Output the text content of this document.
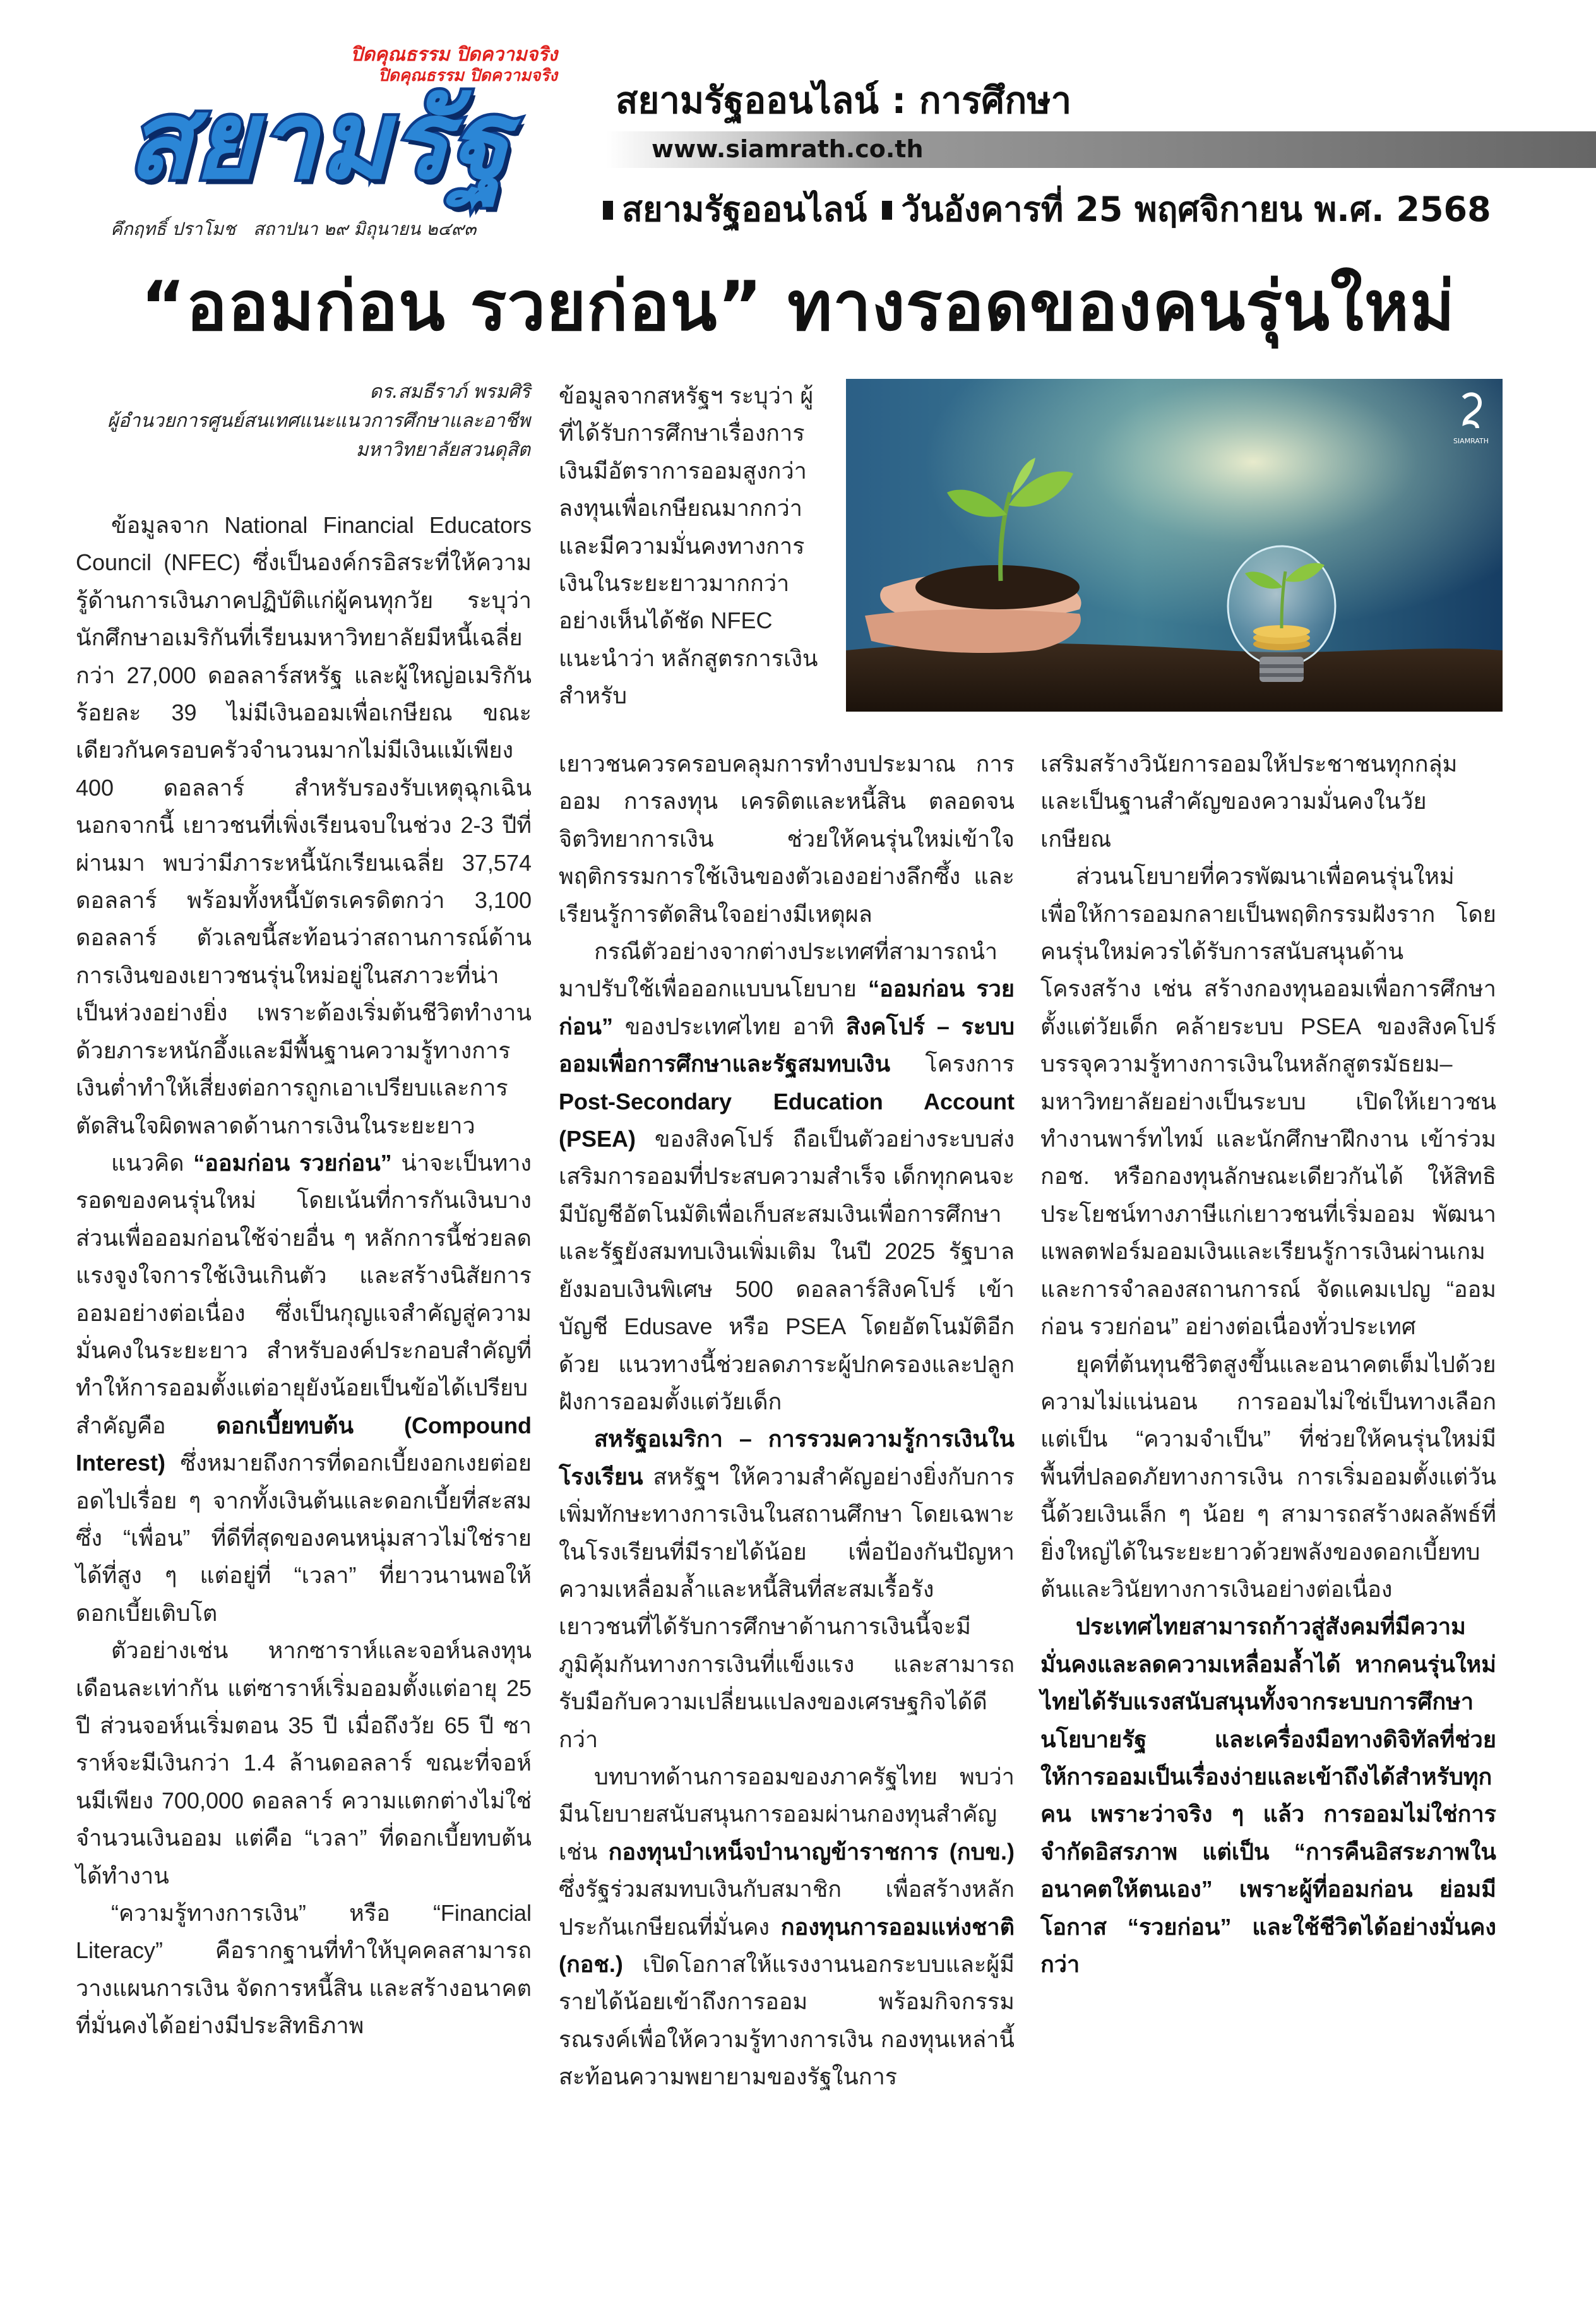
ปิดคุณธรรม ปิดความจริง
ปิดคุณธรรม ปิดความจริง
สยามรัฐ
คึกฤทธิ์ ปราโมช สถาปนา ๒๙ มิถุนายน ๒๔๙๓
สยามรัฐออนไลน์ : การศึกษา
www.siamrath.co.th
สยามรัฐออนไลน์ วันอังคารที่ 25 พฤศจิกายน พ.ศ. 2568
“ออมก่อน รวยก่อน” ทางรอดของคนรุ่นใหม่
ดร.สมธีราภ์ พรมศิริ
ผู้อำนวยการศูนย์สนเทศแนะแนวการศึกษาและอาชีพ
มหาวิทยาลัยสวนดุสิต

ข้อมูลจาก National Financial Educators Council (NFEC) ซึ่งเป็นองค์กรอิสระที่ให้ความรู้ด้านการเงินภาคปฏิบัติแก่ผู้คนทุกวัย ระบุว่า นักศึกษาอเมริกันที่เรียนมหาวิทยาลัยมีหนี้เฉลี่ยกว่า 27,000 ดอลลาร์สหรัฐ และผู้ใหญ่อเมริกันร้อยละ 39 ไม่มีเงินออมเพื่อเกษียณ ขณะเดียวกันครอบครัวจำนวนมากไม่มีเงินแม้เพียง 400 ดอลลาร์ สำหรับรองรับเหตุฉุกเฉิน นอกจากนี้ เยาวชนที่เพิ่งเรียนจบในช่วง 2-3 ปีที่ผ่านมา พบว่ามีภาระหนี้นักเรียนเฉลี่ย 37,574 ดอลลาร์ พร้อมทั้งหนี้บัตรเครดิตกว่า 3,100 ดอลลาร์ ตัวเลขนี้สะท้อนว่าสถานการณ์ด้านการเงินของเยาวชนรุ่นใหม่อยู่ในสภาวะที่น่าเป็นห่วงอย่างยิ่ง เพราะต้องเริ่มต้นชีวิตทำงานด้วยภาระหนักอึ้งและมีพื้นฐานความรู้ทางการเงินต่ำทำให้เสี่ยงต่อการถูกเอาเปรียบและการตัดสินใจผิดพลาดด้านการเงินในระยะยาว

แนวคิด “ออมก่อน รวยก่อน” น่าจะเป็นทางรอดของคนรุ่นใหม่ โดยเน้นที่การกันเงินบางส่วนเพื่อออมก่อนใช้จ่ายอื่น ๆ หลักการนี้ช่วยลดแรงจูงใจการใช้เงินเกินตัว และสร้างนิสัยการออมอย่างต่อเนื่อง ซึ่งเป็นกุญแจสำคัญสู่ความมั่นคงในระยะยาว สำหรับองค์ประกอบสำคัญที่ทำให้การออมตั้งแต่อายุยังน้อยเป็นข้อได้เปรียบสำคัญคือ ดอกเบี้ยทบต้น (Compound Interest) ซึ่งหมายถึงการที่ดอกเบี้ยงอกเงยต่อยอดไปเรื่อย ๆ จากทั้งเงินต้นและดอกเบี้ยที่สะสม ซึ่ง “เพื่อน” ที่ดีที่สุดของคนหนุ่มสาวไม่ใช่รายได้ที่สูง ๆ แต่อยู่ที่ “เวลา” ที่ยาวนานพอให้ดอกเบี้ยเติบโต

ตัวอย่างเช่น หากซาราห์และจอห์นลงทุนเดือนละเท่ากัน แต่ซาราห์เริ่มออมตั้งแต่อายุ 25 ปี ส่วนจอห์นเริ่มตอน 35 ปี เมื่อถึงวัย 65 ปี ซาราห์จะมีเงินกว่า 1.4 ล้านดอลลาร์ ขณะที่จอห์นมีเพียง 700,000 ดอลลาร์ ความแตกต่างไม่ใช่จำนวนเงินออม แต่คือ “เวลา” ที่ดอกเบี้ยทบต้นได้ทำงาน

“ความรู้ทางการเงิน” หรือ “Financial Literacy” คือรากฐานที่ทำให้บุคคลสามารถวางแผนการเงิน จัดการหนี้สิน และสร้างอนาคตที่มั่นคงได้อย่างมีประสิทธิภาพ

ข้อมูลจากสหรัฐฯ ระบุว่า ผู้ที่ได้รับการศึกษาเรื่องการเงินมีอัตราการออมสูงกว่า ลงทุนเพื่อเกษียณมากกว่า และมีความมั่นคงทางการเงินในระยะยาวมากกว่าอย่างเห็นได้ชัด NFEC แนะนำว่า หลักสูตรการเงินสำหรับ

SIAMRATH

เยาวชนควรครอบคลุมการทำงบประมาณ การออม การลงทุน เครดิตและหนี้สิน ตลอดจนจิตวิทยาการเงิน ช่วยให้คนรุ่นใหม่เข้าใจพฤติกรรมการใช้เงินของตัวเองอย่างลึกซึ้ง และเรียนรู้การตัดสินใจอย่างมีเหตุผล

กรณีตัวอย่างจากต่างประเทศที่สามารถนำมาปรับใช้เพื่อออกแบบนโยบาย “ออมก่อน รวยก่อน” ของประเทศไทย อาทิ สิงคโปร์ – ระบบออมเพื่อการศึกษาและรัฐสมทบเงิน โครงการ Post-Secondary Education Account (PSEA) ของสิงคโปร์ ถือเป็นตัวอย่างระบบส่งเสริมการออมที่ประสบความสำเร็จ เด็กทุกคนจะมีบัญชีอัตโนมัติเพื่อเก็บสะสมเงินเพื่อการศึกษา และรัฐยังสมทบเงินเพิ่มเติม ในปี 2025 รัฐบาลยังมอบเงินพิเศษ 500 ดอลลาร์สิงคโปร์ เข้าบัญชี Edusave หรือ PSEA โดยอัตโนมัติอีกด้วย แนวทางนี้ช่วยลดภาระผู้ปกครองและปลูกฝังการออมตั้งแต่วัยเด็ก

สหรัฐอเมริกา – การรวมความรู้การเงินในโรงเรียน สหรัฐฯ ให้ความสำคัญอย่างยิ่งกับการเพิ่มทักษะทางการเงินในสถานศึกษา โดยเฉพาะในโรงเรียนที่มีรายได้น้อย เพื่อป้องกันปัญหาความเหลื่อมล้ำและหนี้สินที่สะสมเรื้อรัง เยาวชนที่ได้รับการศึกษาด้านการเงินนี้จะมีภูมิคุ้มกันทางการเงินที่แข็งแรง และสามารถรับมือกับความเปลี่ยนแปลงของเศรษฐกิจได้ดีกว่า

บทบาทด้านการออมของภาครัฐไทย พบว่ามีนโยบายสนับสนุนการออมผ่านกองทุนสำคัญ เช่น กองทุนบำเหน็จบำนาญข้าราชการ (กบข.) ซึ่งรัฐร่วมสมทบเงินกับสมาชิก เพื่อสร้างหลักประกันเกษียณที่มั่นคง กองทุนการออมแห่งชาติ (กอช.) เปิดโอกาสให้แรงงานนอกระบบและผู้มีรายได้น้อยเข้าถึงการออม พร้อมกิจกรรมรณรงค์เพื่อให้ความรู้ทางการเงิน กองทุนเหล่านี้สะท้อนความพยายามของรัฐในการ

เสริมสร้างวินัยการออมให้ประชาชนทุกกลุ่ม และเป็นฐานสำคัญของความมั่นคงในวัยเกษียณ

ส่วนนโยบายที่ควรพัฒนาเพื่อคนรุ่นใหม่ เพื่อให้การออมกลายเป็นพฤติกรรมฝังราก โดยคนรุ่นใหม่ควรได้รับการสนับสนุนด้านโครงสร้าง เช่น สร้างกองทุนออมเพื่อการศึกษาตั้งแต่วัยเด็ก คล้ายระบบ PSEA ของสิงคโปร์ บรรจุความรู้ทางการเงินในหลักสูตรมัธยม–มหาวิทยาลัยอย่างเป็นระบบ เปิดให้เยาวชนทำงานพาร์ทไทม์ และนักศึกษาฝึกงาน เข้าร่วม กอช. หรือกองทุนลักษณะเดียวกันได้ ให้สิทธิประโยชน์ทางภาษีแก่เยาวชนที่เริ่มออม พัฒนาแพลตฟอร์มออมเงินและเรียนรู้การเงินผ่านเกมและการจำลองสถานการณ์ จัดแคมเปญ “ออมก่อน รวยก่อน” อย่างต่อเนื่องทั่วประเทศ

ยุคที่ต้นทุนชีวิตสูงขึ้นและอนาคตเต็มไปด้วยความไม่แน่นอน การออมไม่ใช่เป็นทางเลือก แต่เป็น “ความจำเป็น” ที่ช่วยให้คนรุ่นใหม่มีพื้นที่ปลอดภัยทางการเงิน การเริ่มออมตั้งแต่วันนี้ด้วยเงินเล็ก ๆ น้อย ๆ สามารถสร้างผลลัพธ์ที่ยิ่งใหญ่ได้ในระยะยาวด้วยพลังของดอกเบี้ยทบต้นและวินัยทางการเงินอย่างต่อเนื่อง

ประเทศไทยสามารถก้าวสู่สังคมที่มีความมั่นคงและลดความเหลื่อมล้ำได้ หากคนรุ่นใหม่ไทยได้รับแรงสนับสนุนทั้งจากระบบการศึกษา นโยบายรัฐ และเครื่องมือทางดิจิทัลที่ช่วยให้การออมเป็นเรื่องง่ายและเข้าถึงได้สำหรับทุกคน เพราะว่าจริง ๆ แล้ว การออมไม่ใช่การจำกัดอิสรภาพ แต่เป็น “การคืนอิสระภาพในอนาคตให้ตนเอง” เพราะผู้ที่ออมก่อน ย่อมมีโอกาส “รวยก่อน” และใช้ชีวิตได้อย่างมั่นคงกว่า
